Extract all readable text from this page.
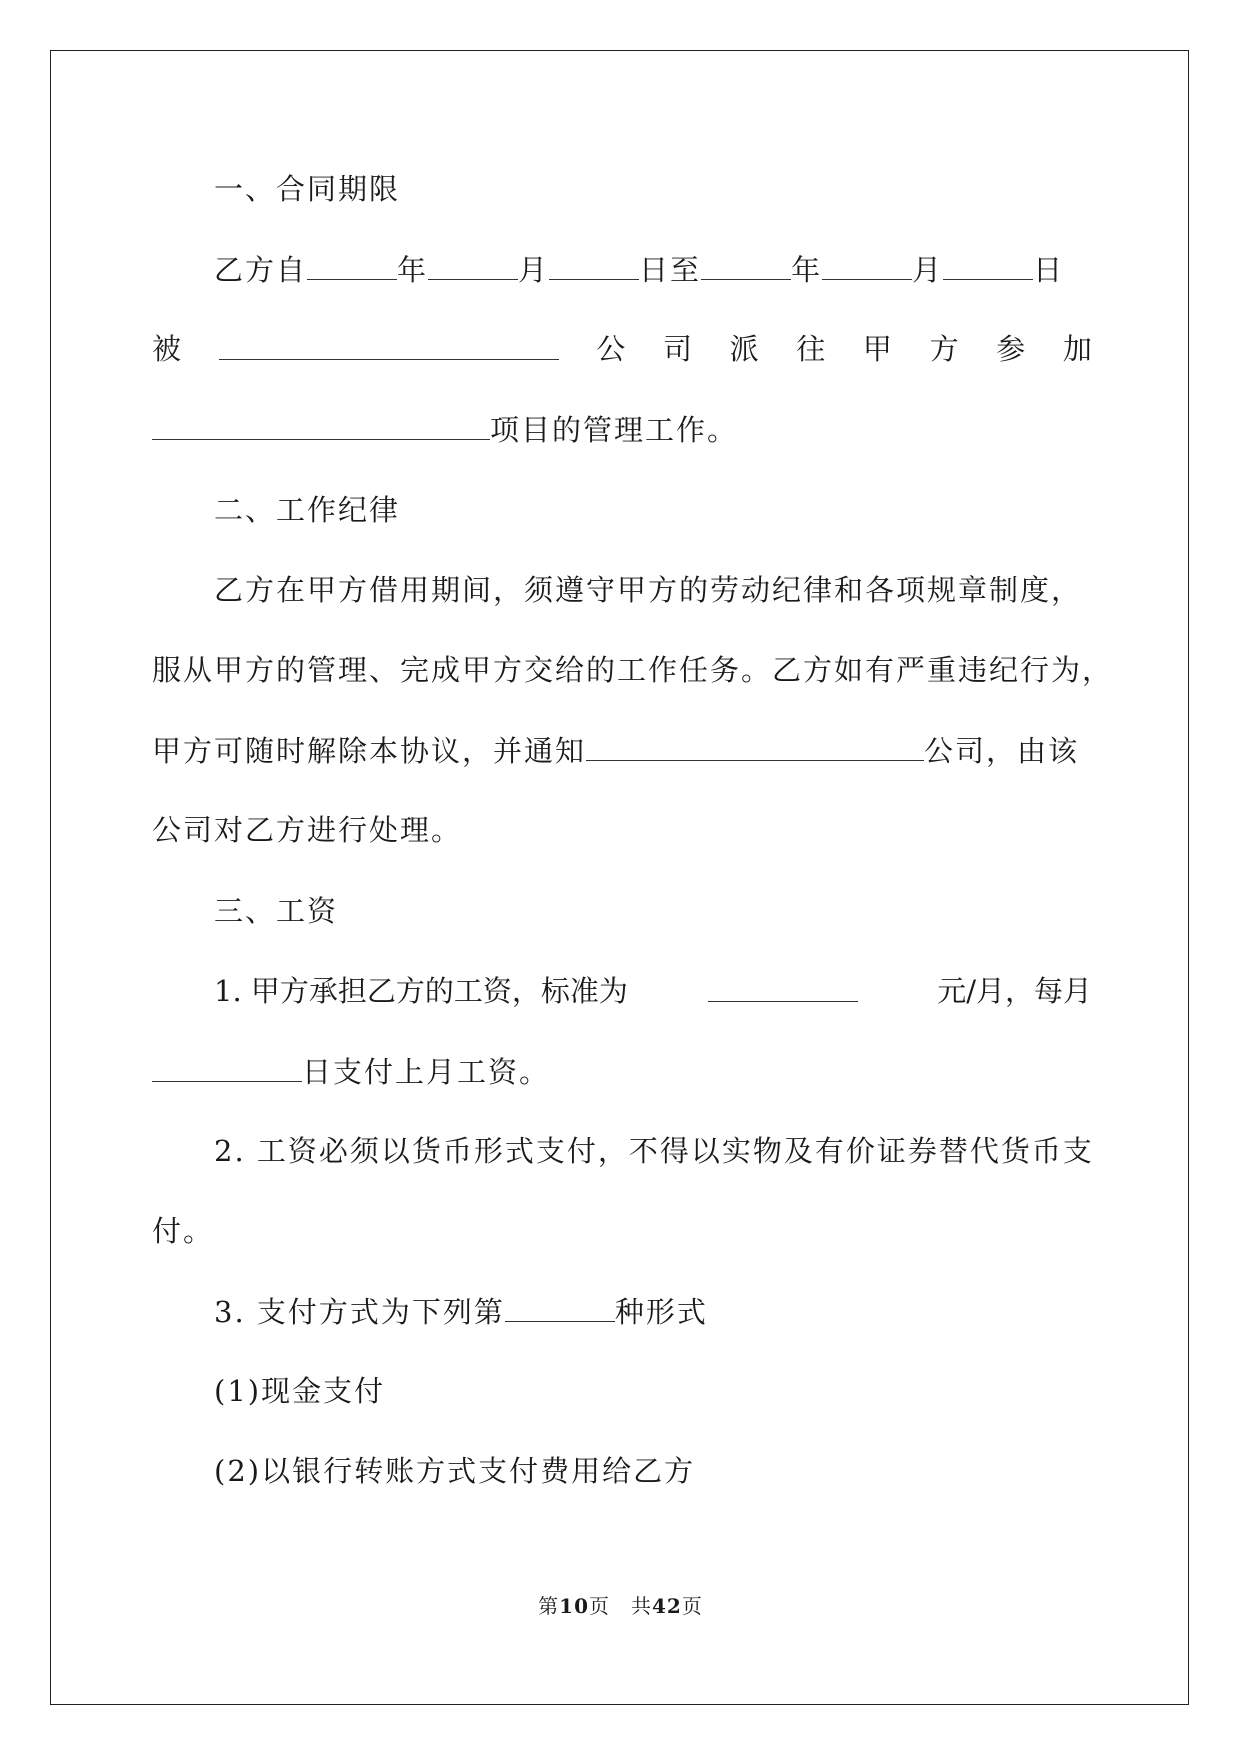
一、合同期限
乙方自	年	月	日至	年	月	日
被	公 司 派 往 甲 方 参 加
项目的管理工作。
二、工作纪律
乙方在甲方借用期间，须遵守甲方的劳动纪律和各项规章制度，
服从甲方的管理、完成甲方交给的工作任务。乙方如有严重违纪行为，
甲方可随时解除本协议，并通知	公司，由该
公司对乙方进行处理。
三、工资
1. 甲方承担乙方的工资，标准为	元/月，每月
日支付上月工资。
2. 工资必须以货币形式支付，不得以实物及有价证券替代货币支
付。
3. 支付方式为下列第	种形式
(1)现金支付
(2)以银行转账方式支付费用给乙方
第10页　共42页
